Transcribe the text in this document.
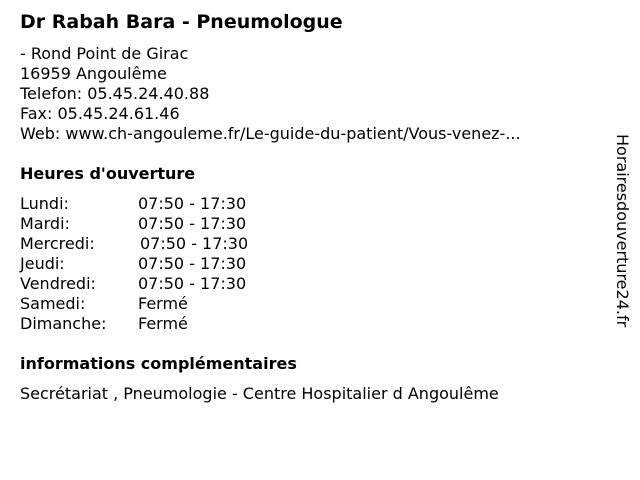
Dr Rabah Bara - Pneumologue
- Rond Point de Girac
16959 Angoulême
Telefon: 05.45.24.40.88
Fax: 05.45.24.61.46
Web: www.ch-angouleme.fr/Le-guide-du-patient/Vous-venez-...
Heures d'ouverture
Lundi:	07:50 - 17:30
Mardi:	07:50 - 17:30
Mercredi:	07:50 - 17:30
Jeudi:	07:50 - 17:30
Vendredi:	07:50 - 17:30
Samedi:	Fermé
Dimanche: Fermé
informations complémentaires
Secrétariat , Pneumologie - Centre Hospitalier d Angoulême
Horairesdouverture24.fr
